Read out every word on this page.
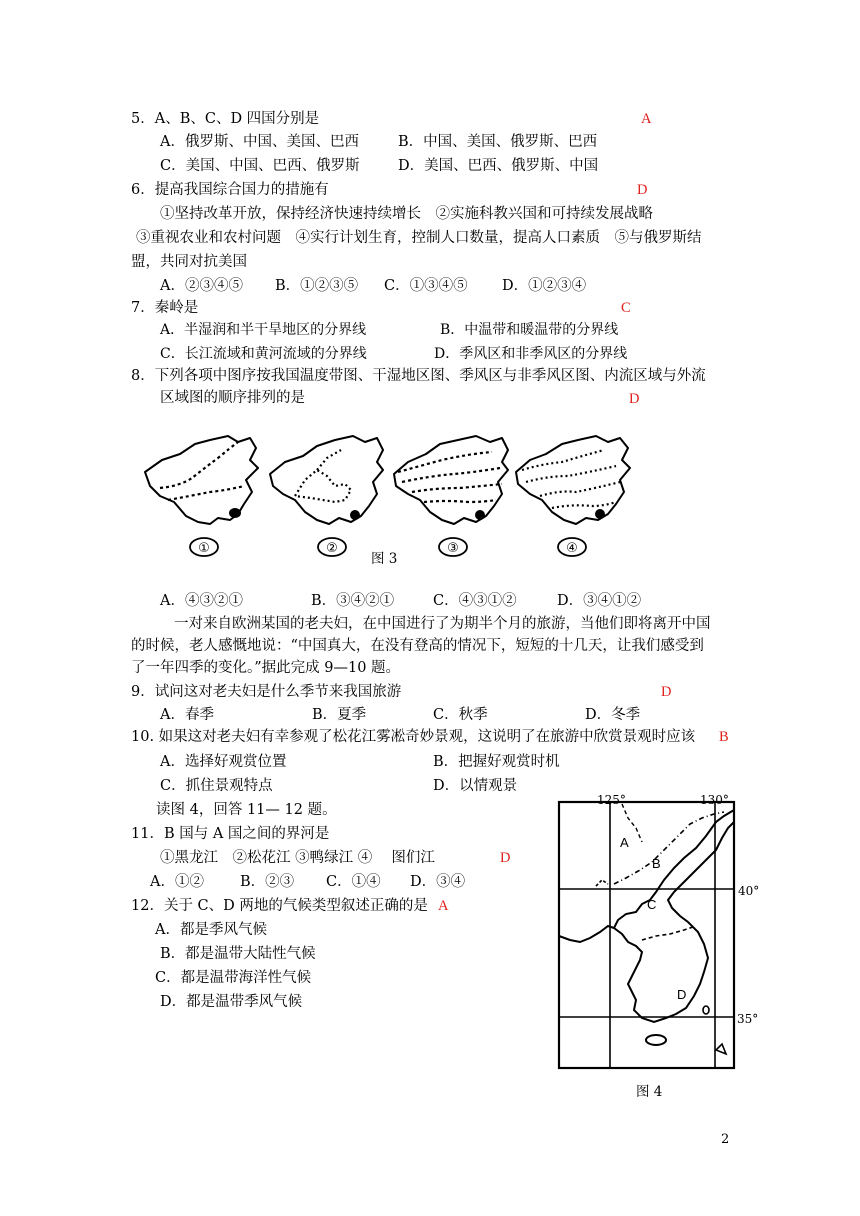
5．A、B、C、D 四国分别是	A
A．俄罗斯、中国、美国、巴西	B．中国、美国、俄罗斯、巴西
C．美国、中国、巴西、俄罗斯	D．美国、巴西、俄罗斯、中国
6．提高我国综合国力的措施有	D
①坚持改革开放，保持经济快速持续增长　②实施科教兴国和可持续发展战略
③重视农业和农村问题　④实行计划生育，控制人口数量，提高人口素质　⑤与俄罗斯结
盟，共同对抗美国
A．②③④⑤ B．①②③⑤ C．①③④⑤ D．①②③④
7．秦岭是	C
A．半湿润和半干旱地区的分界线	B．中温带和暖温带的分界线
C．长江流域和黄河流域的分界线	D．季风区和非季风区的分界线
8．下列各项中图序按我国温度带图、干湿地区图、季风区与非季风区图、内流区域与外流
区域图的顺序排列的是	D
①	②	③	④
图 3
A．④③②①	B．③④②①	C．④③①②	D．③④①②
一对来自欧洲某国的老夫妇，在中国进行了为期半个月的旅游，当他们即将离开中国
的时候，老人感慨地说：“中国真大，在没有登高的情况下，短短的十几天，让我们感受到
了一年四季的变化。”据此完成 9—10 题。
9．试问这对老夫妇是什么季节来我国旅游	D
A．春季	B．夏季	C．秋季	D．冬季
10. 如果这对老夫妇有幸参观了松花江雾凇奇妙景观，这说明了在旅游中欣赏景观时应该 B
A．选择好观赏位置	B．把握好观赏时机
C．抓住景观特点	D．以情观景
读图 4，回答 11— 12 题。
11．B 国与 A 国之间的界河是
①黑龙江　②松花江 ③鸭绿江 ④　 图们江	D
A．①② B．②③ C．①④ D．③④
12．关于 C、D 两地的气候类型叙述正确的是 A
A．都是季风气候
B．都是温带大陆性气候
C．都是温带海洋性气候
D．都是温带季风气候
125°	130°
40°
35°
A
B
C
D
图 4
2
